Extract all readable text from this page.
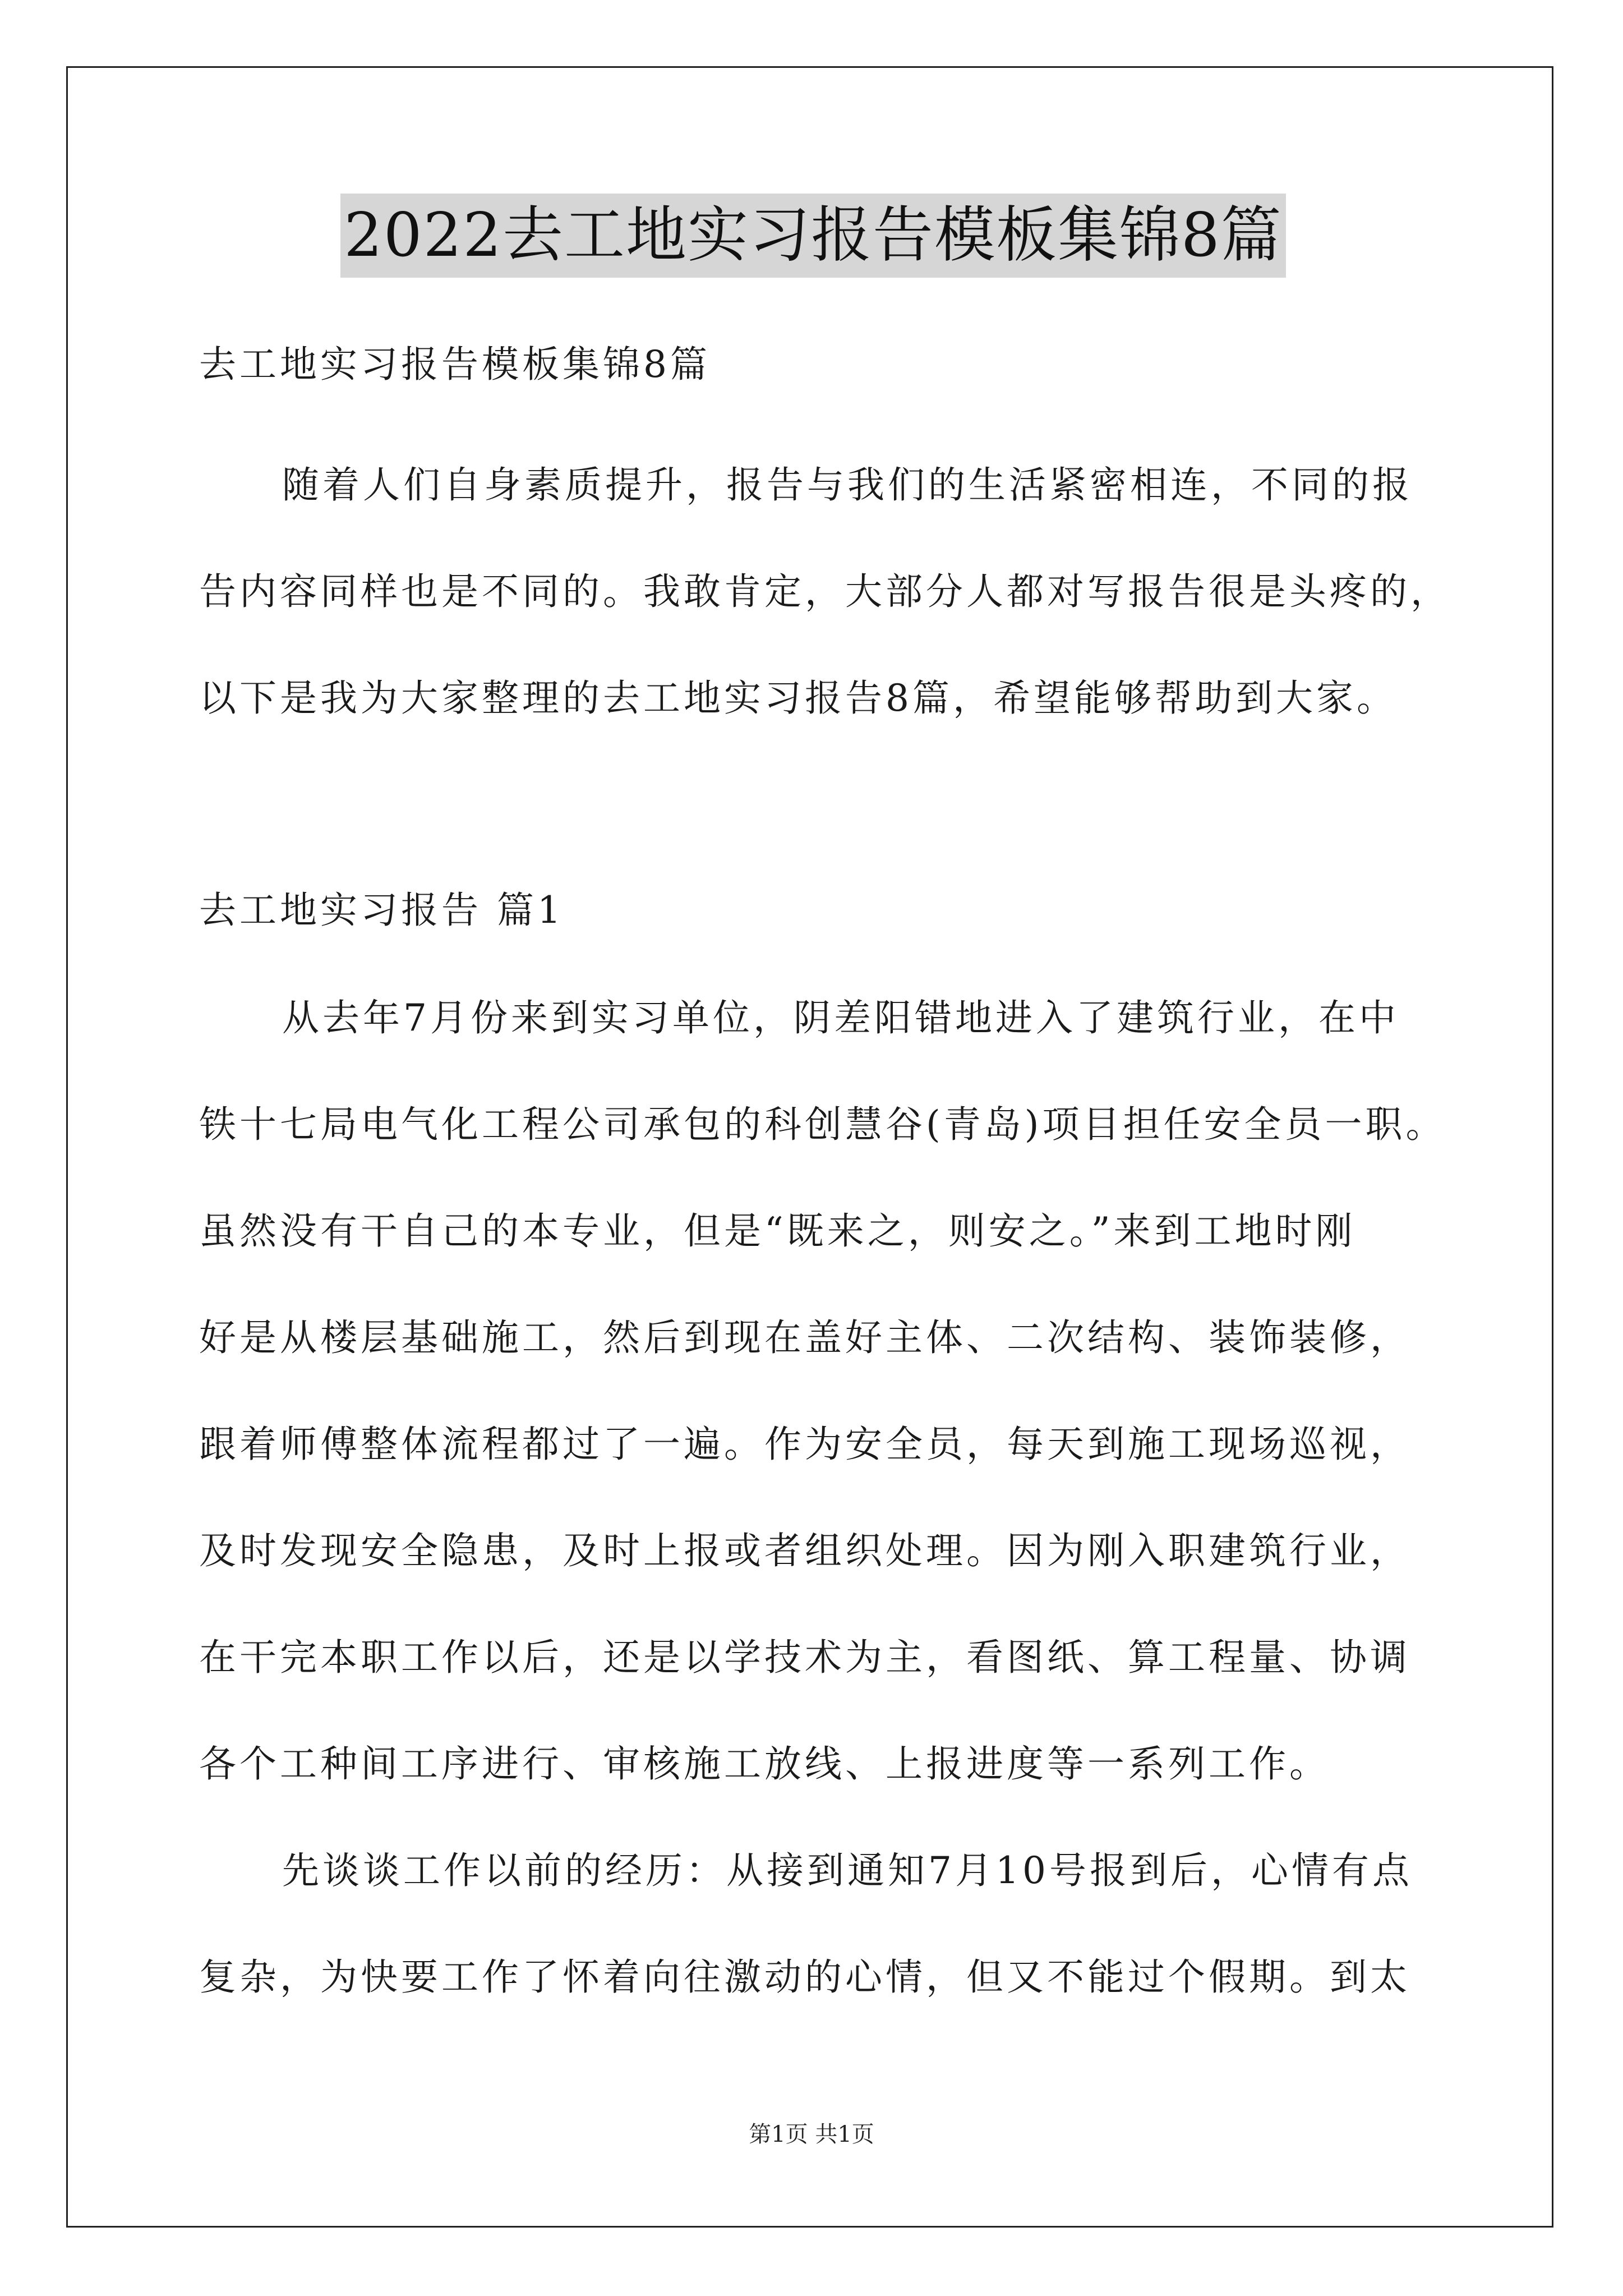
2022去工地实习报告模板集锦8篇
去工地实习报告模板集锦8篇
随着人们自身素质提升，报告与我们的生活紧密相连，不同的报
告内容同样也是不同的。我敢肯定，大部分人都对写报告很是头疼的，
以下是我为大家整理的去工地实习报告8篇，希望能够帮助到大家。
去工地实习报告 篇1
从去年7月份来到实习单位，阴差阳错地进入了建筑行业，在中
铁十七局电气化工程公司承包的科创慧谷(青岛)项目担任安全员一职。
虽然没有干自己的本专业，但是“既来之，则安之。”来到工地时刚
好是从楼层基础施工，然后到现在盖好主体、二次结构、装饰装修，
跟着师傅整体流程都过了一遍。作为安全员，每天到施工现场巡视，
及时发现安全隐患，及时上报或者组织处理。因为刚入职建筑行业，
在干完本职工作以后，还是以学技术为主，看图纸、算工程量、协调
各个工种间工序进行、审核施工放线、上报进度等一系列工作。
先谈谈工作以前的经历：从接到通知7月10号报到后，心情有点
复杂，为快要工作了怀着向往激动的心情，但又不能过个假期。到太
第1页 共1页
